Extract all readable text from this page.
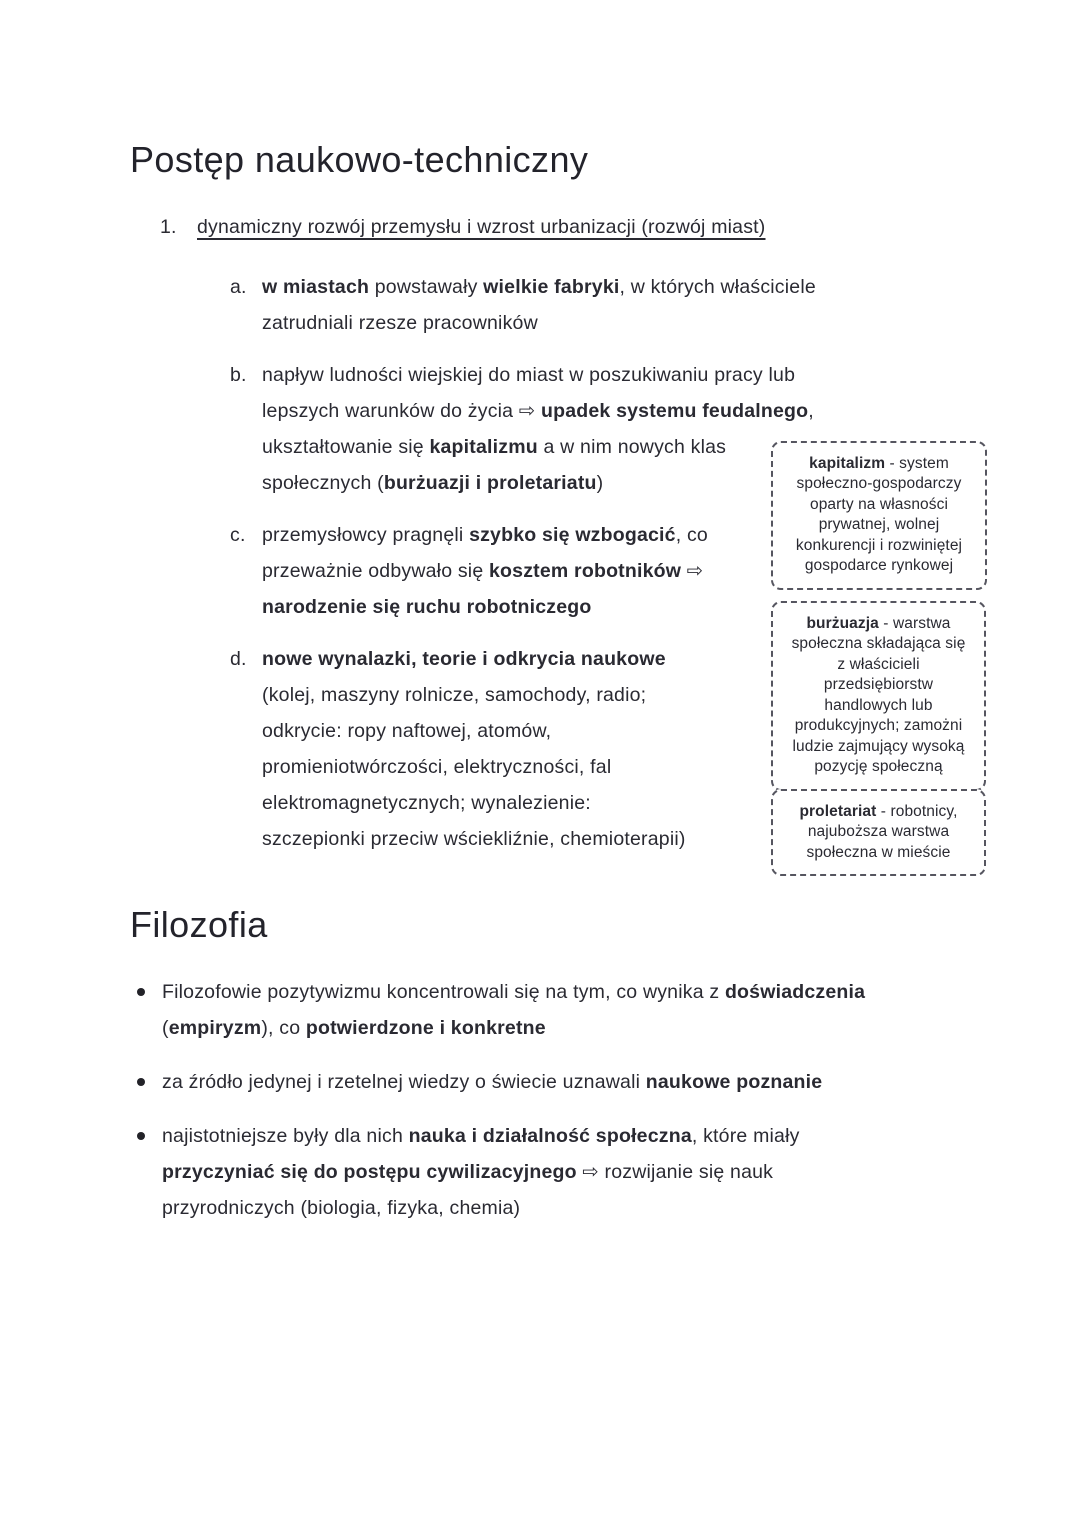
Postęp naukowo-techniczny
1.	dynamiczny rozwój przemysłu i wzrost urbanizacji (rozwój miast)
a. w miastach powstawały wielkie fabryki, w których właściciele zatrudniali rzesze pracowników
b. napływ ludności wiejskiej do miast w poszukiwaniu pracy lub lepszych warunków do życia ⇨ upadek systemu feudalnego, ukształtowanie się kapitalizmu a w nim nowych klas społecznych (burżuazji i proletariatu)
c. przemysłowcy pragnęli szybko się wzbogacić, co przeważnie odbywało się kosztem robotników ⇨ narodzenie się ruchu robotniczego
d. nowe wynalazki, teorie i odkrycia naukowe (kolej, maszyny rolnicze, samochody, radio; odkrycie: ropy naftowej, atomów, promieniotwórczości, elektryczności, fal elektromagnetycznych; wynalezienie: szczepionki przeciw wściekliźnie, chemioterapii)

kapitalizm - system społeczno-gospodarczy oparty na własności prywatnej, wolnej konkurencji i rozwiniętej gospodarce rynkowej

burżuazja - warstwa społeczna składająca się z właścicieli przedsiębiorstw handlowych lub produkcyjnych; zamożni ludzie zajmujący wysoką pozycję społeczną

proletariat - robotnicy, najuboższa warstwa społeczna w mieście

Filozofia
Filozofowie pozytywizmu koncentrowali się na tym, co wynika z doświadczenia (empiryzm), co potwierdzone i konkretne
za źródło jedynej i rzetelnej wiedzy o świecie uznawali naukowe poznanie
najistotniejsze były dla nich nauka i działalność społeczna, które miały przyczyniać się do postępu cywilizacyjnego ⇨ rozwijanie się nauk przyrodniczych (biologia, fizyka, chemia)
